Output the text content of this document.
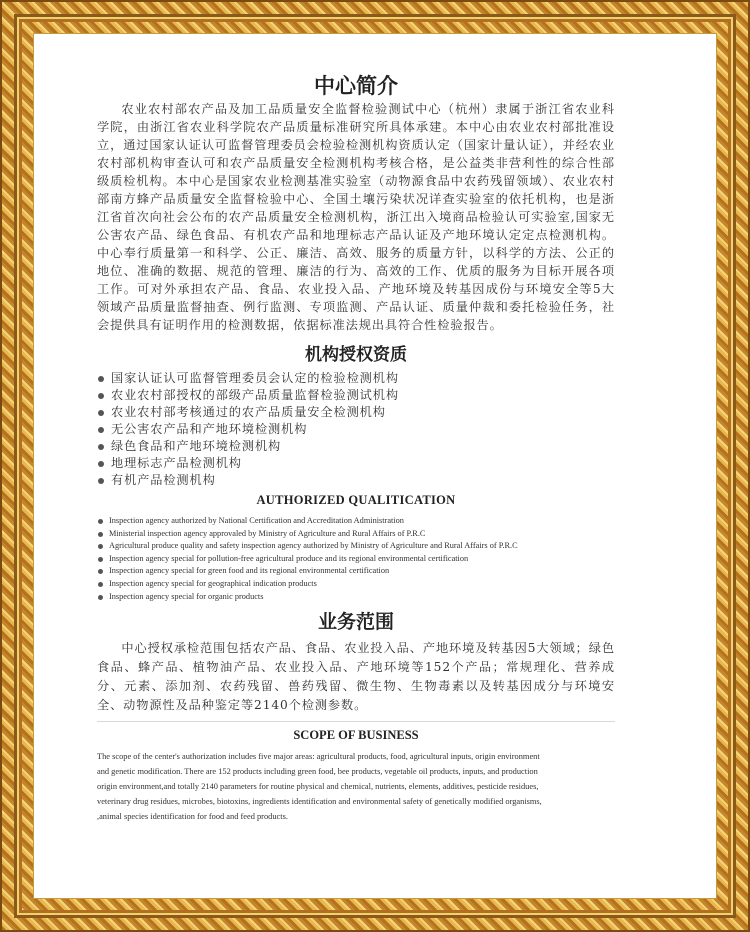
中心简介

农业农村部农产品及加工品质量安全监督检验测试中心（杭州）隶属于浙江省农业科学院，由浙江省农业科学院农产品质量标准研究所具体承建。本中心由农业农村部批准设立，通过国家认证认可监督管理委员会检验检测机构资质认定（国家计量认证），并经农业农村部机构审查认可和农产品质量安全检测机构考核合格，是公益类非营利性的综合性部级质检机构。本中心是国家农业检测基准实验室（动物源食品中农药残留领域）、农业农村部南方蜂产品质量安全监督检验中心、全国土壤污染状况详查实验室的依托机构，也是浙江省首次向社会公布的农产品质量安全检测机构，浙江出入境商品检验认可实验室,国家无公害农产品、绿色食品、有机农产品和地理标志产品认证及产地环境认定定点检测机构。中心奉行质量第一和科学、公正、廉洁、高效、服务的质量方针，以科学的方法、公正的地位、准确的数据、规范的管理、廉洁的行为、高效的工作、优质的服务为目标开展各项工作。可对外承担农产品、食品、农业投入品、产地环境及转基因成份与环境安全等5大领域产品质量监督抽查、例行监测、专项监测、产品认证、质量仲裁和委托检验任务，社会提供具有证明作用的检测数据，依据标准法规出具符合性检验报告。

机构授权资质
国家认证认可监督管理委员会认定的检验检测机构
农业农村部授权的部级产品质量监督检验测试机构
农业农村部考核通过的农产品质量安全检测机构
无公害农产品和产地环境检测机构
绿色食品和产地环境检测机构
地理标志产品检测机构
有机产品检测机构
AUTHORIZED QUALITICATION
Inspection agency authorized by National Certification and Accreditation Administration
Ministerial inspection agency approvaled by Ministry of Agriculture and Rural Affairs of P.R.C
Agricultural produce quality and safety inspection agency authorized by Ministry of Agriculture and Rural Affairs of P.R.C
Inspection agency special for pollution-free agricultural produce and its regional environmental certification
Inspection agency special for green food and its regional environmental certification
Inspection agency special for geographical indication products
Inspection agency special for organic products
业务范围

中心授权承检范围包括农产品、食品、农业投入品、产地环境及转基因5大领域；绿色食品、蜂产品、植物油产品、农业投入品、产地环境等152个产品；常规理化、营养成分、元素、添加剂、农药残留、兽药残留、微生物、生物毒素以及转基因成分与环境安全、动物源性及品种鉴定等2140个检测参数。

SCOPE OF BUSINESS
The scope of the center's authorization includes five major areas: agricultural products, food, agricultural inputs, origin environment
and genetic modification. There are 152 products including green food, bee products, vegetable oil products, inputs, and production
origin environment,and totally 2140 parameters for routine physical and chemical, nutrients, elements, additives, pesticide residues,
veterinary drug residues, microbes, biotoxins, ingredients identification and environmental safety of genetically modified organisms,
,animal species identification for food and feed products.
